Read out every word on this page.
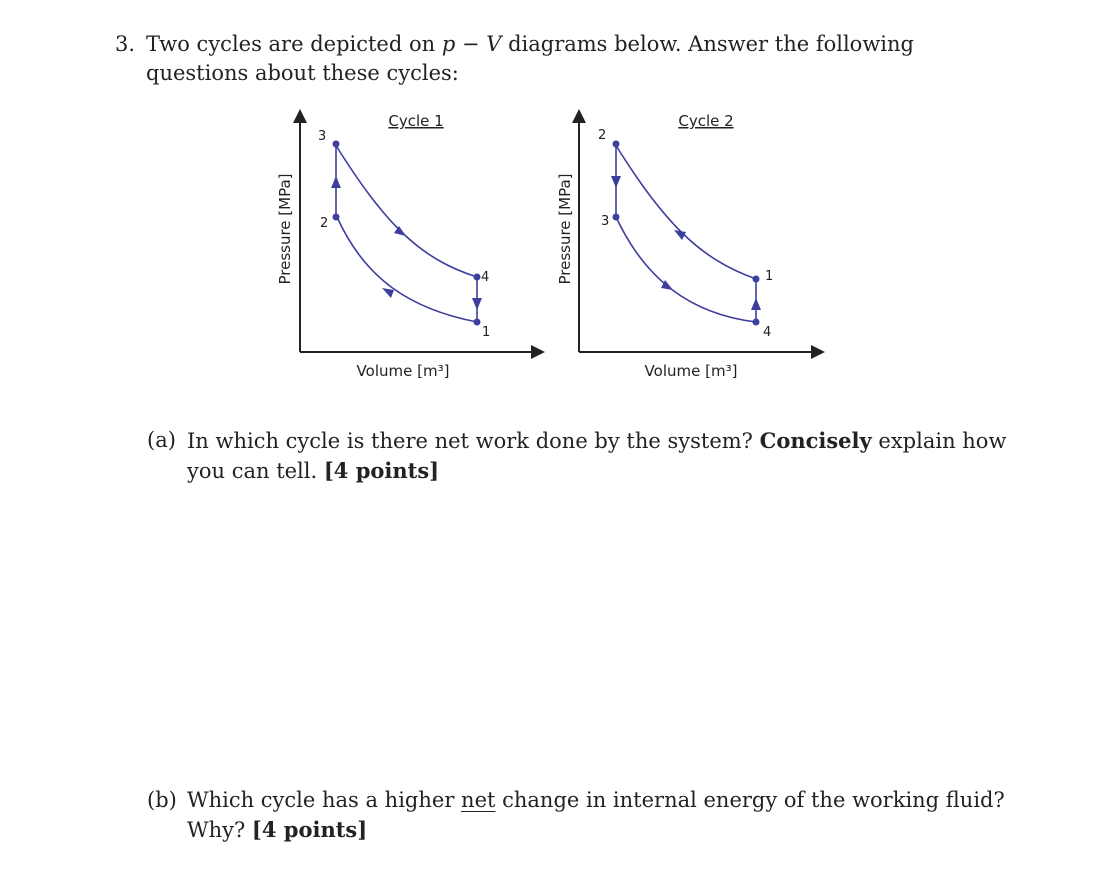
3. Two cycles are depicted on p − V diagrams below. Answer the following questions about these cycles:
3
2
4
1
Cycle 1
Volume [m³]
Pressure [MPa]
2
3
1
4
Cycle 2
Volume [m³]
Pressure [MPa]
(a) In which cycle is there net work done by the system? Concisely explain how you can tell. [4 points]
(b) Which cycle has a higher net change in internal energy of the working fluid? Why? [4 points]
